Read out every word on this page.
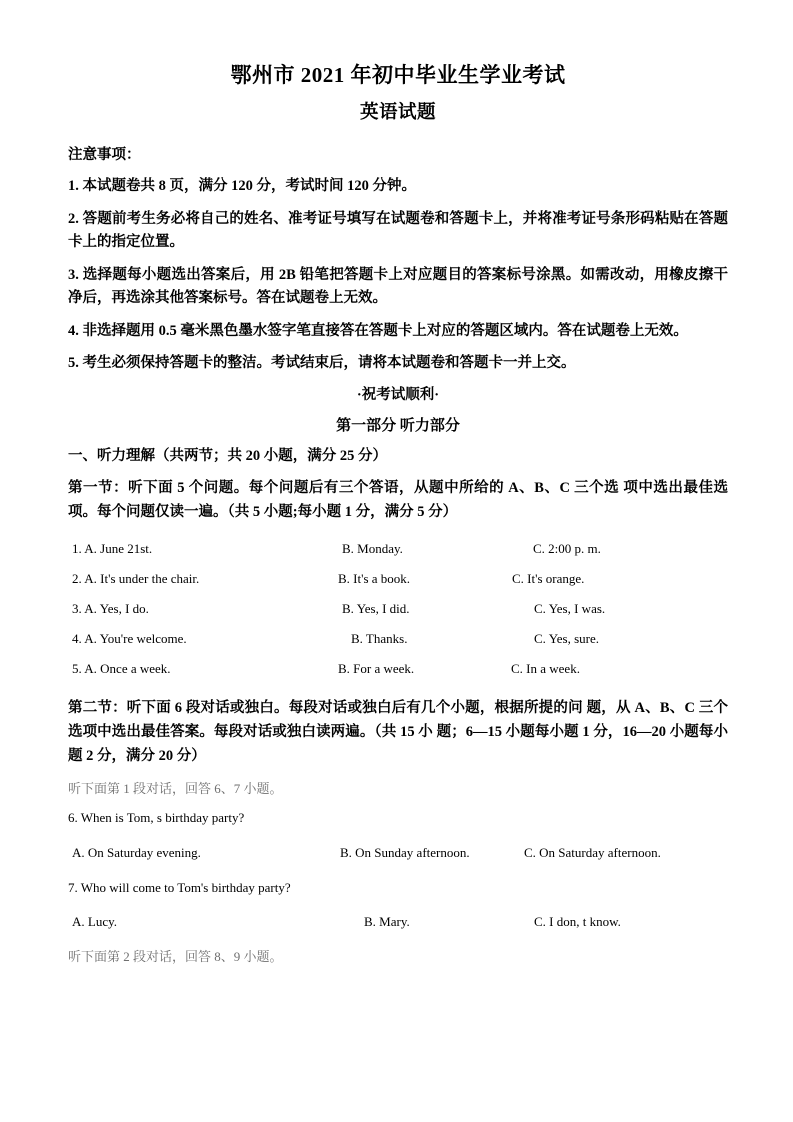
鄂州市 2021 年初中毕业生学业考试
英语试题

注意事项：

1. 本试题卷共 8 页，满分 120 分，考试时间 120 分钟。

2. 答题前考生务必将自己的姓名、准考证号填写在试题卷和答题卡上，并将准考证号条形码粘贴在答题卡上的指定位置。

3. 选择题每小题选出答案后，用 2B 铅笔把答题卡上对应题目的答案标号涂黑。如需改动，用橡皮擦干净后，再选涂其他答案标号。答在试题卷上无效。

4. 非选择题用 0.5 毫米黑色墨水签字笔直接答在答题卡上对应的答题区域内。答在试题卷上无效。

5. 考生必须保持答题卡的整洁。考试结束后，请将本试题卷和答题卡一并上交。

·祝考试顺利·

第一部分 听力部分

一、听力理解（共两节；共 20 小题，满分 25 分）

第一节：听下面 5 个问题。每个问题后有三个答语，从题中所给的 A、B、C 三个选 项中选出最佳选项。每个问题仅读一遍。（共 5 小题;每小题 1 分，满分 5 分）

1. A. June 21st.	B. Monday.	C. 2:00 p. m.
2. A. It's under the chair.	B. It's a book.	C. It's orange.
3. A. Yes, I do.	B. Yes, I did.	C. Yes, I was.
4. A. You're welcome.	B. Thanks.	C. Yes, sure.
5. A. Once a week.	B. For a week.	C. In a week.

第二节：听下面 6 段对话或独白。每段对话或独白后有几个小题，根据所提的问 题，从 A、B、C 三个选项中选出最佳答案。每段对话或独白读两遍。（共 15 小 题；6—15 小题每小题 1 分，16—20 小题每小题 2 分，满分 20 分）

听下面第 1 段对话，回答 6、7 小题。

6. When is Tom, s birthday party?

A. On Saturday evening.	B. On Sunday afternoon.	C. On Saturday afternoon.

7. Who will come to Tom's birthday party?

A. Lucy.	B. Mary.	C. I don, t know.

听下面第 2 段对话，回答 8、9 小题。
